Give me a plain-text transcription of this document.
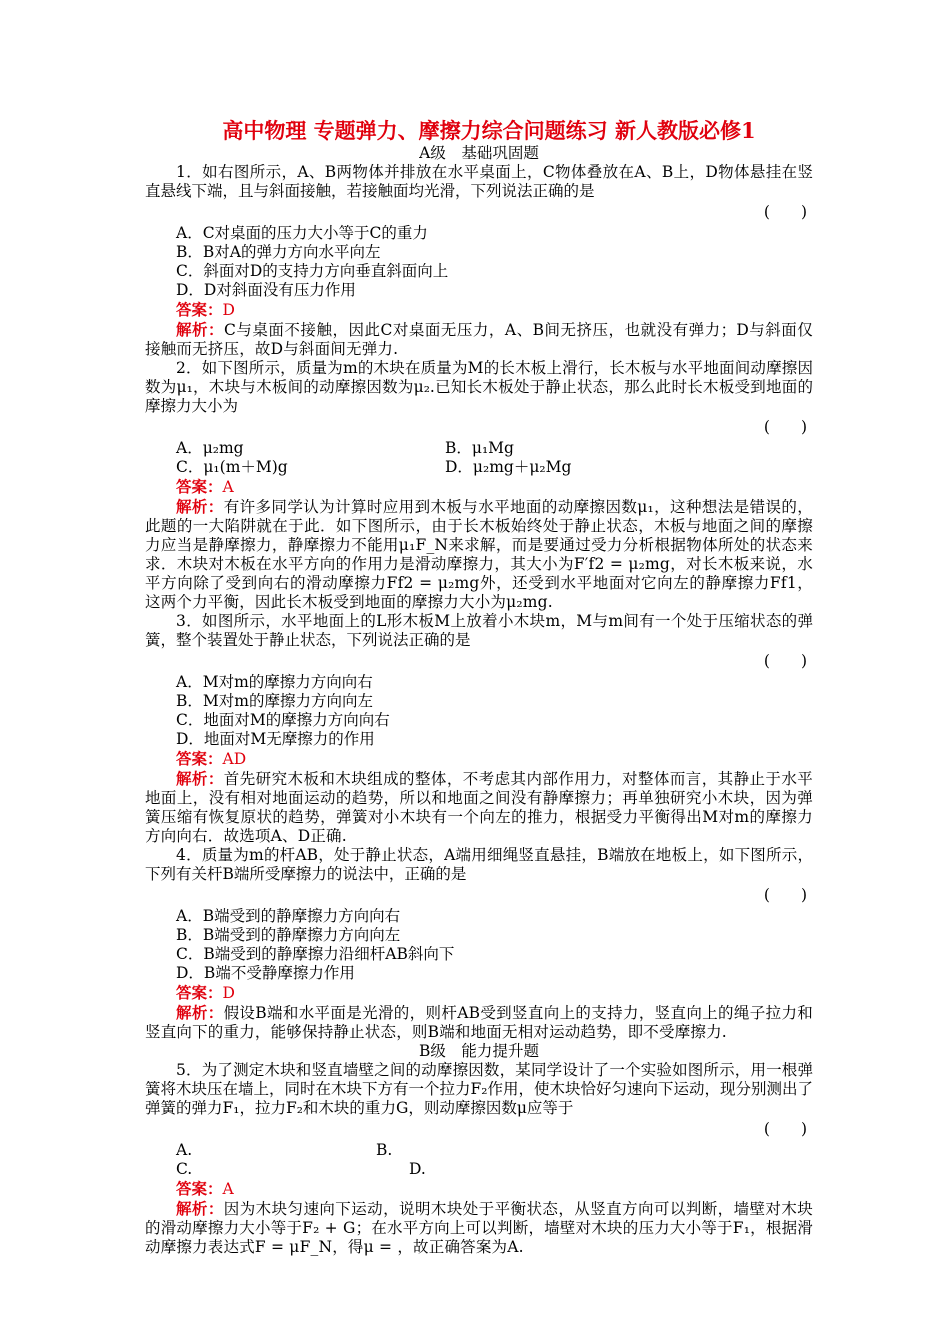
高中物理 专题弹力、摩擦力综合问题练习 新人教版必修1
A级　基础巩固题
1．如右图所示，A、B两物体并排放在水平桌面上，C物体叠放在A、B上，D物体悬挂在竖直悬线下端，且与斜面接触，若接触面均光滑，下列说法正确的是
(　　)
A．C对桌面的压力大小等于C的重力
B．B对A的弹力方向水平向左
C．斜面对D的支持力方向垂直斜面向上
D．D对斜面没有压力作用
答案：D
解析：C与桌面不接触，因此C对桌面无压力，A、B间无挤压，也就没有弹力；D与斜面仅接触而无挤压，故D与斜面间无弹力.
2．如下图所示，质量为m的木块在质量为M的长木板上滑行，长木板与水平地面间动摩擦因数为μ₁，木块与木板间的动摩擦因数为μ₂.已知长木板处于静止状态，那么此时长木板受到地面的摩擦力大小为
(　　)
A．μ₂mg	B．μ₁Mg
C．μ₁(m＋M)g	D．μ₂mg＋μ₂Mg
答案：A
解析：有许多同学认为计算时应用到木板与水平地面的动摩擦因数μ₁，这种想法是错误的，此题的一大陷阱就在于此．如下图所示，由于长木板始终处于静止状态，木板与地面之间的摩擦力应当是静摩擦力，静摩擦力不能用μ₁F_N来求解，而是要通过受力分析根据物体所处的状态来求．木块对木板在水平方向的作用力是滑动摩擦力，其大小为F′f2 = μ₂mg，对长木板来说，水平方向除了受到向右的滑动摩擦力Ff2 = μ₂mg外，还受到水平地面对它向左的静摩擦力Ff1，这两个力平衡，因此长木板受到地面的摩擦力大小为μ₂mg.
3．如图所示，水平地面上的L形木板M上放着小木块m，M与m间有一个处于压缩状态的弹簧，整个装置处于静止状态，下列说法正确的是
(　　)
A．M对m的摩擦力方向向右
B．M对m的摩擦力方向向左
C．地面对M的摩擦力方向向右
D．地面对M无摩擦力的作用
答案：AD
解析：首先研究木板和木块组成的整体，不考虑其内部作用力，对整体而言，其静止于水平地面上，没有相对地面运动的趋势，所以和地面之间没有静摩擦力；再单独研究小木块，因为弹簧压缩有恢复原状的趋势，弹簧对小木块有一个向左的推力，根据受力平衡得出M对m的摩擦力方向向右．故选项A、D正确.
4．质量为m的杆AB，处于静止状态，A端用细绳竖直悬挂，B端放在地板上，如下图所示，下列有关杆B端所受摩擦力的说法中，正确的是
(　　)
A．B端受到的静摩擦力方向向右
B．B端受到的静摩擦力方向向左
C．B端受到的静摩擦力沿细杆AB斜向下
D．B端不受静摩擦力作用
答案：D
解析：假设B端和水平面是光滑的，则杆AB受到竖直向上的支持力，竖直向上的绳子拉力和竖直向下的重力，能够保持静止状态，则B端和地面无相对运动趋势，即不受摩擦力.
B级　能力提升题
5．为了测定木块和竖直墙壁之间的动摩擦因数，某同学设计了一个实验如图所示，用一根弹簧将木块压在墙上，同时在木块下方有一个拉力F₂作用，使木块恰好匀速向下运动，现分别测出了弹簧的弹力F₁，拉力F₂和木块的重力G，则动摩擦因数μ应等于
(　　)
A.	B.
C.	D.
答案：A
解析：因为木块匀速向下运动，说明木块处于平衡状态，从竖直方向可以判断，墙壁对木块的滑动摩擦力大小等于F₂ + G；在水平方向上可以判断，墙壁对木块的压力大小等于F₁，根据滑动摩擦力表达式F = μF_N，得μ = ，故正确答案为A.
